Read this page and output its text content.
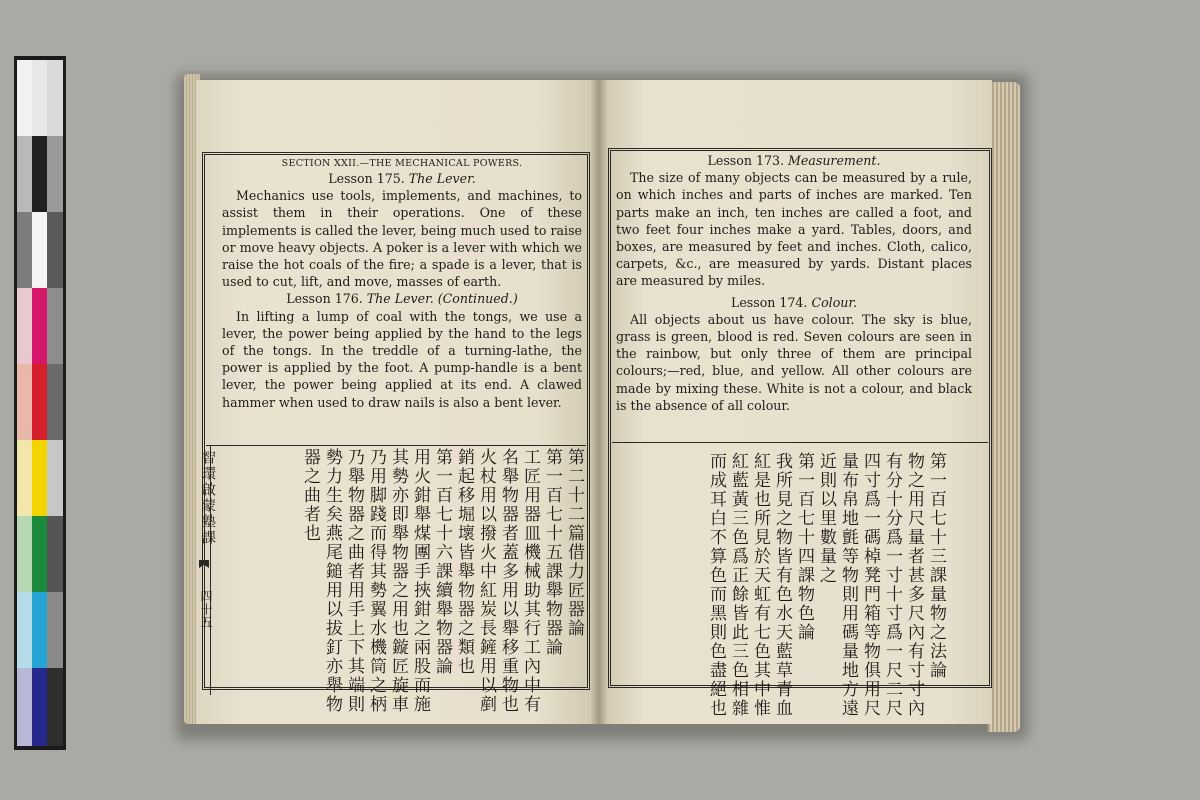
SECTION XXII.—THE MECHANICAL POWERS.

Lesson 175. The Lever.

Mechanics use tools, implements, and machines, to assist them in their operations. One of these implements is called the lever, being much used to raise or move heavy objects. A poker is a lever with which we raise the hot coals of the fire; a spade is a lever, that is used to cut, lift, and move, masses of earth.

Lesson 176. The Lever. (Continued.)

In lifting a lump of coal with the tongs, we use a lever, the power being applied by the hand to the legs of the tongs. In the treddle of a turning-lathe, the power is applied by the foot. A pump-handle is a bent lever, the power being applied at its end. A clawed hammer when used to draw nails is also a bent lever.

第二十二篇借力匠器論
第一百七十五課舉物器論
工匠用器皿機械助其行工內中有
名舉物器者蓋多用以舉移重物也
火杖用以撥火中紅炭長鏟用以剷
銷起移堀壞皆舉物器之類也
第一百七十六課續舉物器論
用火鉗舉煤團手挾鉗之兩股而施
其勢亦即舉物器之用也鏇匠旋車
乃用脚踐而得其勢翼水機筒之柄
乃舉物器之曲者用手上下其端則
勢力生矣燕尾鎚用以拔釘亦舉物
器之曲者也
智環啟蒙塾課
四十五

Lesson 173. Measurement.

The size of many objects can be measured by a rule, on which inches and parts of inches are marked. Ten parts make an inch, ten inches are called a foot, and two feet four inches make a yard. Tables, doors, and boxes, are measured by feet and inches. Cloth, calico, carpets, &c., are measured by yards. Distant places are measured by miles.

Lesson 174. Colour.

All objects about us have colour. The sky is blue, grass is green, blood is red. Seven colours are seen in the rainbow, but only three of them are principal colours;—red, blue, and yellow. All other colours are made by mixing these. White is not a colour, and black is the absence of all colour.

第一百七十三課量物之法論
物之用尺量者甚多尺內有寸寸內
有分十分爲一寸十寸爲一尺二尺
四寸爲一碼棹凳門箱等物俱用尺
量布帛地氈等物則用碼量地方遠
近則以里數量之
第一百七十四課物色論
我所見之物皆有色水天藍草青血
紅是也所見於天虹有七色其中惟
紅藍黃三色爲正餘皆此三色相雜
而成耳白不算色而黑則色盡絕也
